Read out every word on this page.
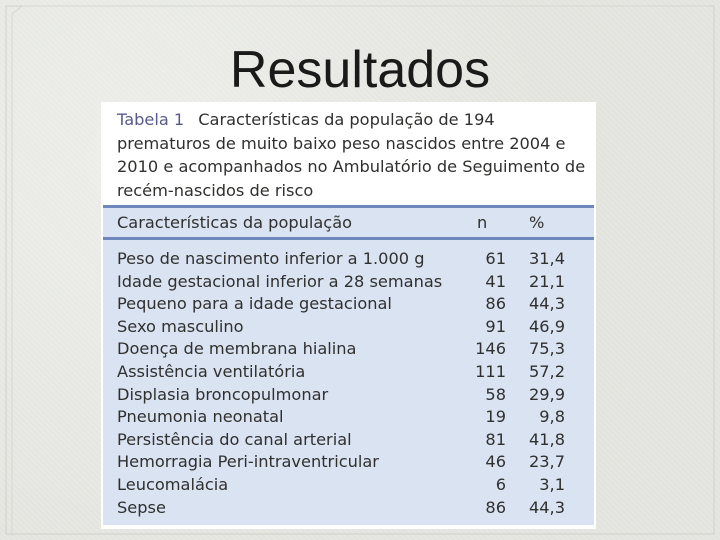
Resultados
Tabela 1 Características da população de 194 prematuros de muito baixo peso nascidos entre 2004 e 2010 e acompanhados no Ambulatório de Seguimento de recém-nascidos de risco
Características da população	n	%
Peso de nascimento inferior a 1.000 g	61 31,4
Idade gestacional inferior a 28 semanas	41 21,1
Pequeno para a idade gestacional	86 44,3
Sexo masculino	91 46,9
Doença de membrana hialina	146 75,3
Assistência ventilatória	111 57,2
Displasia broncopulmonar	58 29,9
Pneumonia neonatal	19 9,8
Persistência do canal arterial	81 41,8
Hemorragia Peri-intraventricular	46 23,7
Leucomalácia	6 3,1
Sepse	86 44,3
